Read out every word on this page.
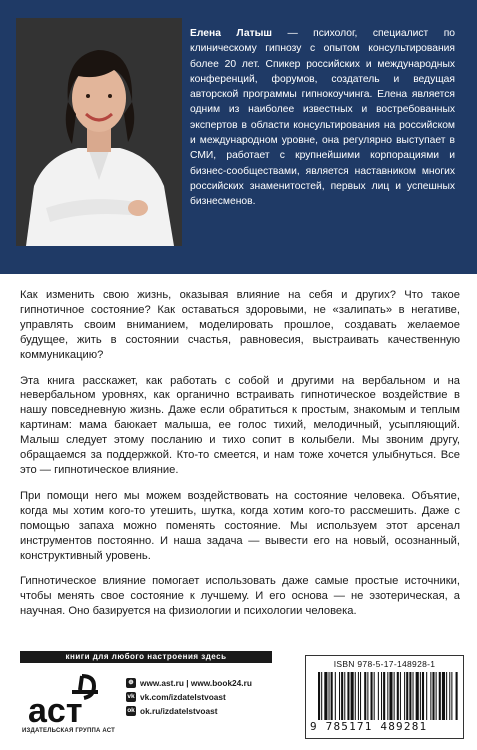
Елена Латыш — психолог, специалист по клиническому гипнозу с опытом консультирования более 20 лет. Спикер российских и международных конференций, форумов, создатель и ведущая авторской программы гипнокоучинга. Елена является одним из наиболее известных и востребованных экспертов в области консультирования на российском и международном уровне, она регулярно выступает в СМИ, работает с крупнейшими корпорациями и бизнес-сообществами, является наставником многих российских знаменитостей, первых лиц и успешных бизнесменов.

Как изменить свою жизнь, оказывая влияние на себя и других? Что такое гипнотичное состояние? Как оставаться здоровыми, не «залипать» в негативе, управлять своим вниманием, моделировать прошлое, создавать желаемое будущее, жить в состоянии счастья, равновесия, выстраивать качественную коммуникацию?

Эта книга расскажет, как работать с собой и другими на вербальном и на невербальном уровнях, как органично встраивать гипнотическое воздействие в нашу повседневную жизнь. Даже если обратиться к простым, знакомым и теплым картинам: мама баюкает малыша, ее голос тихий, мелодичный, усыпляющий. Малыш следует этому посланию и тихо сопит в колыбели. Мы звоним другу, обращаемся за поддержкой. Кто-то смеется, и нам тоже хочется улыбнуться. Все это — гипнотическое влияние.

При помощи него мы можем воздействовать на состояние человека. Объятие, когда мы хотим кого-то утешить, шутка, когда хотим кого-то рассмешить. Даже с помощью запаха можно поменять состояние. Мы используем этот арсенал инструментов постоянно. И наша задача — вывести его на новый, осознанный, конструктивный уровень.

Гипнотическое влияние помогает использовать даже самые простые источники, чтобы менять свое состояние к лучшему. И его основа — не эзотерическая, а научная. Оно базируется на физиологии и психологии человека.

книги для любого настроения здесь
аст
ИЗДАТЕЛЬСКАЯ ГРУППА АСТ
⊕ www.ast.ru | www.book24.ru
vk vk.com/izdatelstvoast
ok ok.ru/izdatelstvoast
ISBN 978-5-17-148928-1
9 785171 489281
